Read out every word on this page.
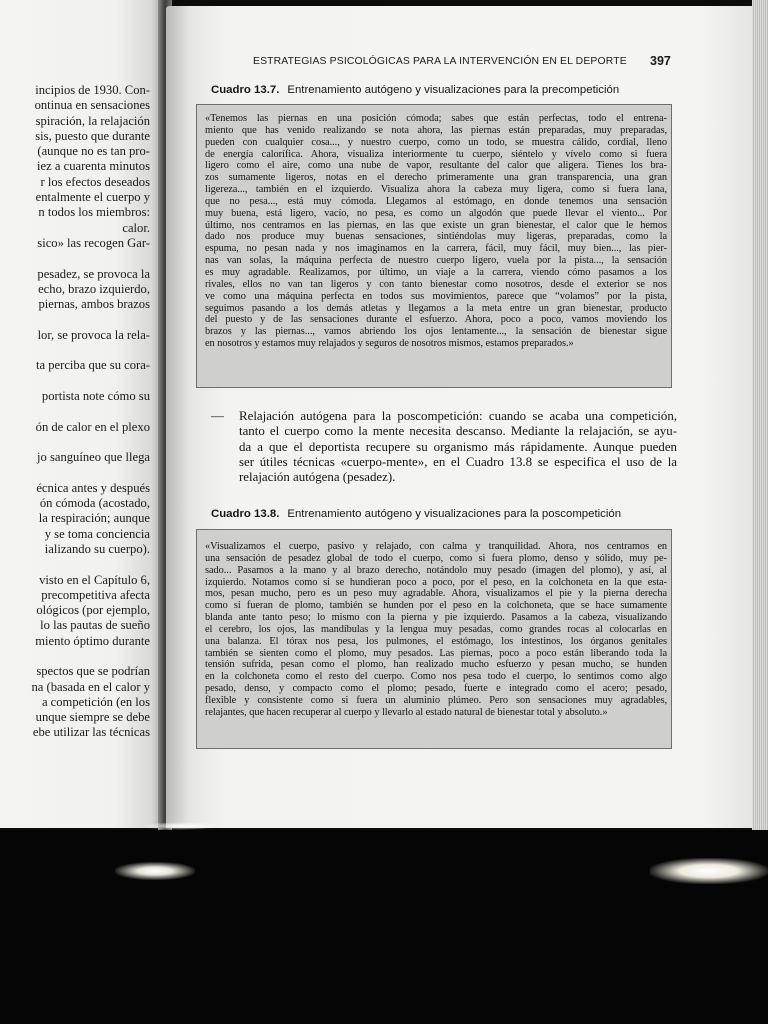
incipios de 1930. Con-
ontinua en sensaciones
spiración, la relajación
sis, puesto que durante
(aunque no es tan pro-
iez a cuarenta minutos
r los efectos deseados
entalmente el cuerpo y
n todos los miembros:
calor.
sico» las recogen Gar-
pesadez, se provoca la
echo, brazo izquierdo,
piernas, ambos brazos
lor, se provoca la rela-
ta perciba que su cora-
portista note cómo su
ón de calor en el plexo
jo sanguíneo que llega
écnica antes y después
ón cómoda (acostado,
la respiración; aunque
y se toma conciencia
ializando su cuerpo).
visto en el Capítulo 6,
precompetitiva afecta
ológicos (por ejemplo,
lo las pautas de sueño
miento óptimo durante
spectos que se podrían
na (basada en el calor y
a competición (en los
unque siempre se debe
ebe utilizar las técnicas
ESTRATEGIAS PSICOLÓGICAS PARA LA INTERVENCIÓN EN EL DEPORTE	397
Cuadro 13.7. Entrenamiento autógeno y visualizaciones para la precompetición
«Tenemos las piernas en una posición cómoda; sabes que están perfectas, todo el entrena-
miento que has venido realizando se nota ahora, las piernas están preparadas, muy preparadas,
pueden con cualquier cosa..., y nuestro cuerpo, como un todo, se muestra cálido, cordial, lleno
de energía calorífica. Ahora, visualiza interiormente tu cuerpo, siéntelo y vívelo como si fuera
ligero como el aire, como una nube de vapor, resultante del calor que aligera. Tienes los bra-
zos sumamente ligeros, notas en el derecho primeramente una gran transparencia, una gran
ligereza..., también en el izquierdo. Visualiza ahora la cabeza muy ligera, como si fuera lana,
que no pesa..., está muy cómoda. Llegamos al estómago, en donde tenemos una sensación
muy buena, está ligero, vacío, no pesa, es como un algodón que puede llevar el viento... Por
último, nos centramos en las piernas, en las que existe un gran bienestar, el calor que le hemos
dado nos produce muy buenas sensaciones, sintiéndolas muy ligeras, preparadas, como la
espuma, no pesan nada y nos imaginamos en la carrera, fácil, muy fácil, muy bien..., las pier-
nas van solas, la máquina perfecta de nuestro cuerpo ligero, vuela por la pista..., la sensación
es muy agradable. Realizamos, por último, un viaje a la carrera, viendo cómo pasamos a los
rivales, ellos no van tan ligeros y con tanto bienestar como nosotros, desde el exterior se nos
ve como una máquina perfecta en todos sus movimientos, parece que “volamos” por la pista,
seguimos pasando a los demás atletas y llegamos a la meta entre un gran bienestar, producto
del puesto y de las sensaciones durante el esfuerzo. Ahora, poco a poco, vamos moviendo los
brazos y las piernas..., vamos abriendo los ojos lentamente..., la sensación de bienestar sigue
en nosotros y estamos muy relajados y seguros de nosotros mismos, estamos preparados.»
— Relajación autógena para la poscompetición: cuando se acaba una competición,
tanto el cuerpo como la mente necesita descanso. Mediante la relajación, se ayu-
da a que el deportista recupere su organismo más rápidamente. Aunque pueden
ser útiles técnicas «cuerpo-mente», en el Cuadro 13.8 se especifica el uso de la
relajación autógena (pesadez).
Cuadro 13.8. Entrenamiento autógeno y visualizaciones para la poscompetición
«Visualizamos el cuerpo, pasivo y relajado, con calma y tranquilidad. Ahora, nos centramos en
una sensación de pesadez global de todo el cuerpo, como si fuera plomo, denso y sólido, muy pe-
sado... Pasamos a la mano y al brazo derecho, notándolo muy pesado (imagen del plomo), y así, al
izquierdo. Notamos como si se hundieran poco a poco, por el peso, en la colchoneta en la que esta-
mos, pesan mucho, pero es un peso muy agradable. Ahora, visualizamos el pie y la pierna derecha
como si fueran de plomo, también se hunden por el peso en la colchoneta, que se hace sumamente
blanda ante tanto peso; lo mismo con la pierna y pie izquierdo. Pasamos a la cabeza, visualizando
el cerebro, los ojos, las mandíbulas y la lengua muy pesadas, como grandes rocas al colocarlas en
una balanza. El tórax nos pesa, los pulmones, el estómago, los intestinos, los órganos genitales
también se sienten como el plomo, muy pesados. Las piernas, poco a poco están liberando toda la
tensión sufrida, pesan como el plomo, han realizado mucho esfuerzo y pesan mucho, se hunden
en la colchoneta como el resto del cuerpo. Como nos pesa todo el cuerpo, lo sentimos como algo
pesado, denso, y compacto como el plomo; pesado, fuerte e integrado como el acero; pesado,
flexible y consistente como si fuera un aluminio plúmeo. Pero son sensaciones muy agradables,
relajantes, que hacen recuperar al cuerpo y llevarlo al estado natural de bienestar total y absoluto.»
